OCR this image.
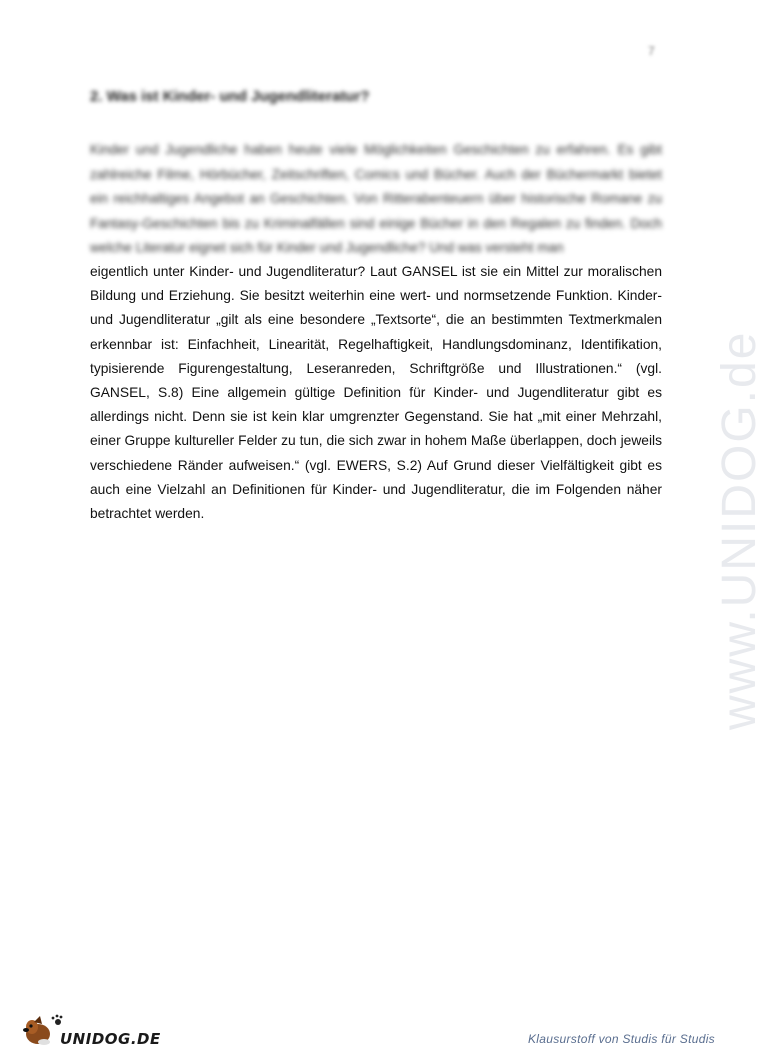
7
2. Was ist Kinder- und Jugendliteratur?

Kinder und Jugendliche haben heute viele Möglichkeiten Geschichten zu erfahren. Es gibt zahlreiche Filme, Hörbücher, Zeitschriften, Comics und Bücher. Auch der Büchermarkt bietet ein reichhaltiges Angebot an Geschichten. Von Ritterabenteuern über historische Romane zu Fantasy-Geschichten bis zu Kriminalfällen sind einige Bücher in den Regalen zu finden. Doch welche Literatur eignet sich für Kinder und Jugendliche? Und was versteht man

eigentlich unter Kinder- und Jugendliteratur? Laut GANSEL ist sie ein Mittel zur moralischen Bildung und Erziehung. Sie besitzt weiterhin eine wert- und normsetzende Funktion. Kinder- und Jugendliteratur „gilt als eine besondere „Textsorte“, die an bestimmten Textmerkmalen erkennbar ist: Einfachheit, Linearität, Regelhaftigkeit, Handlungsdominanz, Identifikation, typisierende Figurengestaltung, Leseranreden, Schriftgröße und Illustrationen.“ (vgl. GANSEL, S.8) Eine allgemein gültige Definition für Kinder- und Jugendliteratur gibt es allerdings nicht. Denn sie ist kein klar umgrenzter Gegenstand. Sie hat „mit einer Mehrzahl, einer Gruppe kultureller Felder zu tun, die sich zwar in hohem Maße überlappen, doch jeweils verschiedene Ränder aufweisen.“ (vgl. EWERS, S.2) Auf Grund dieser Vielfältigkeit gibt es auch eine Vielzahl an Definitionen für Kinder- und Jugendliteratur, die im Folgenden näher betrachtet werden.	www.UNIDOG.de
UNIDOG.DE	Klausurstoff von Studis für Studis
